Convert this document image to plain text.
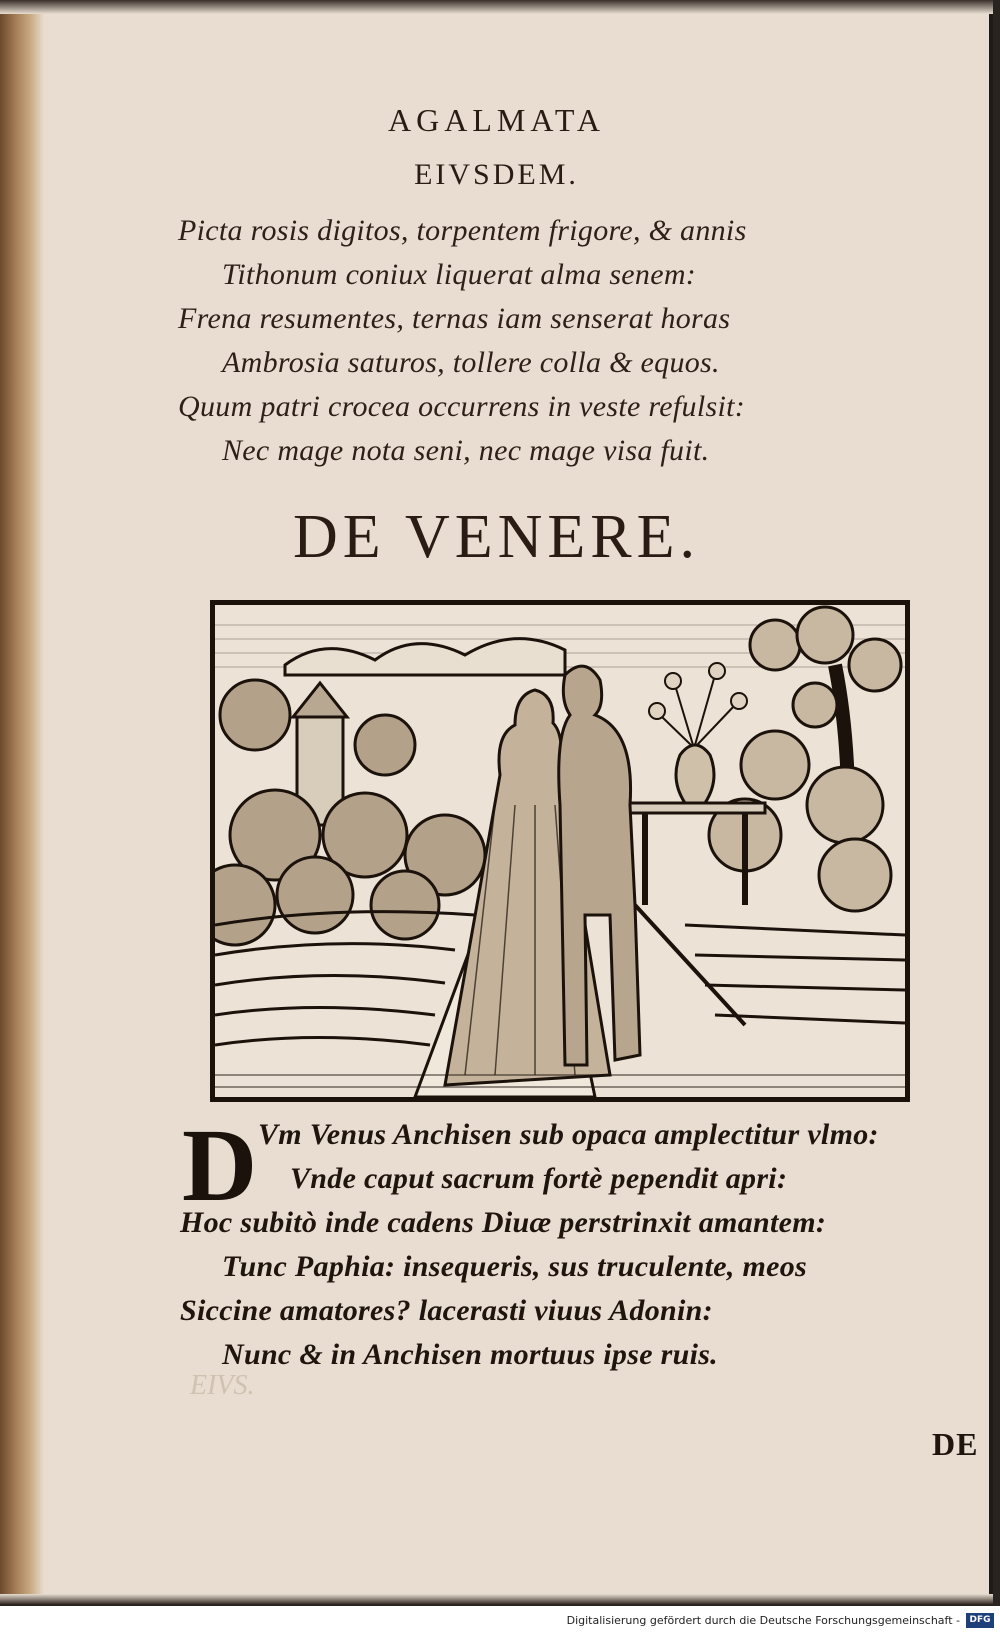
EIVS.
AGALMATA
EIVSDEM.
Picta rosis digitos, torpentem frigore, & annis
Tithonum coniux liquerat alma senem:
Frena resumentes, ternas iam senserat horas
Ambrosia saturos, tollere colla & equos.
Quum patri crocea occurrens in veste refulsit:
Nec mage nota seni, nec mage visa fuit.
DE VENERE.
D Vm Venus Anchisen sub opaca amplectitur vlmo:
Vnde caput sacrum fortè pependit apri:
Hoc subitò inde cadens Diuæ perstrinxit amantem:
Tunc Paphia: insequeris, sus truculente, meos
Siccine amatores? lacerasti viuus Adonin:
Nunc & in Anchisen mortuus ipse ruis.
DE
Digitalisierung gefördert durch die Deutsche Forschungsgemeinschaft -	DFG
